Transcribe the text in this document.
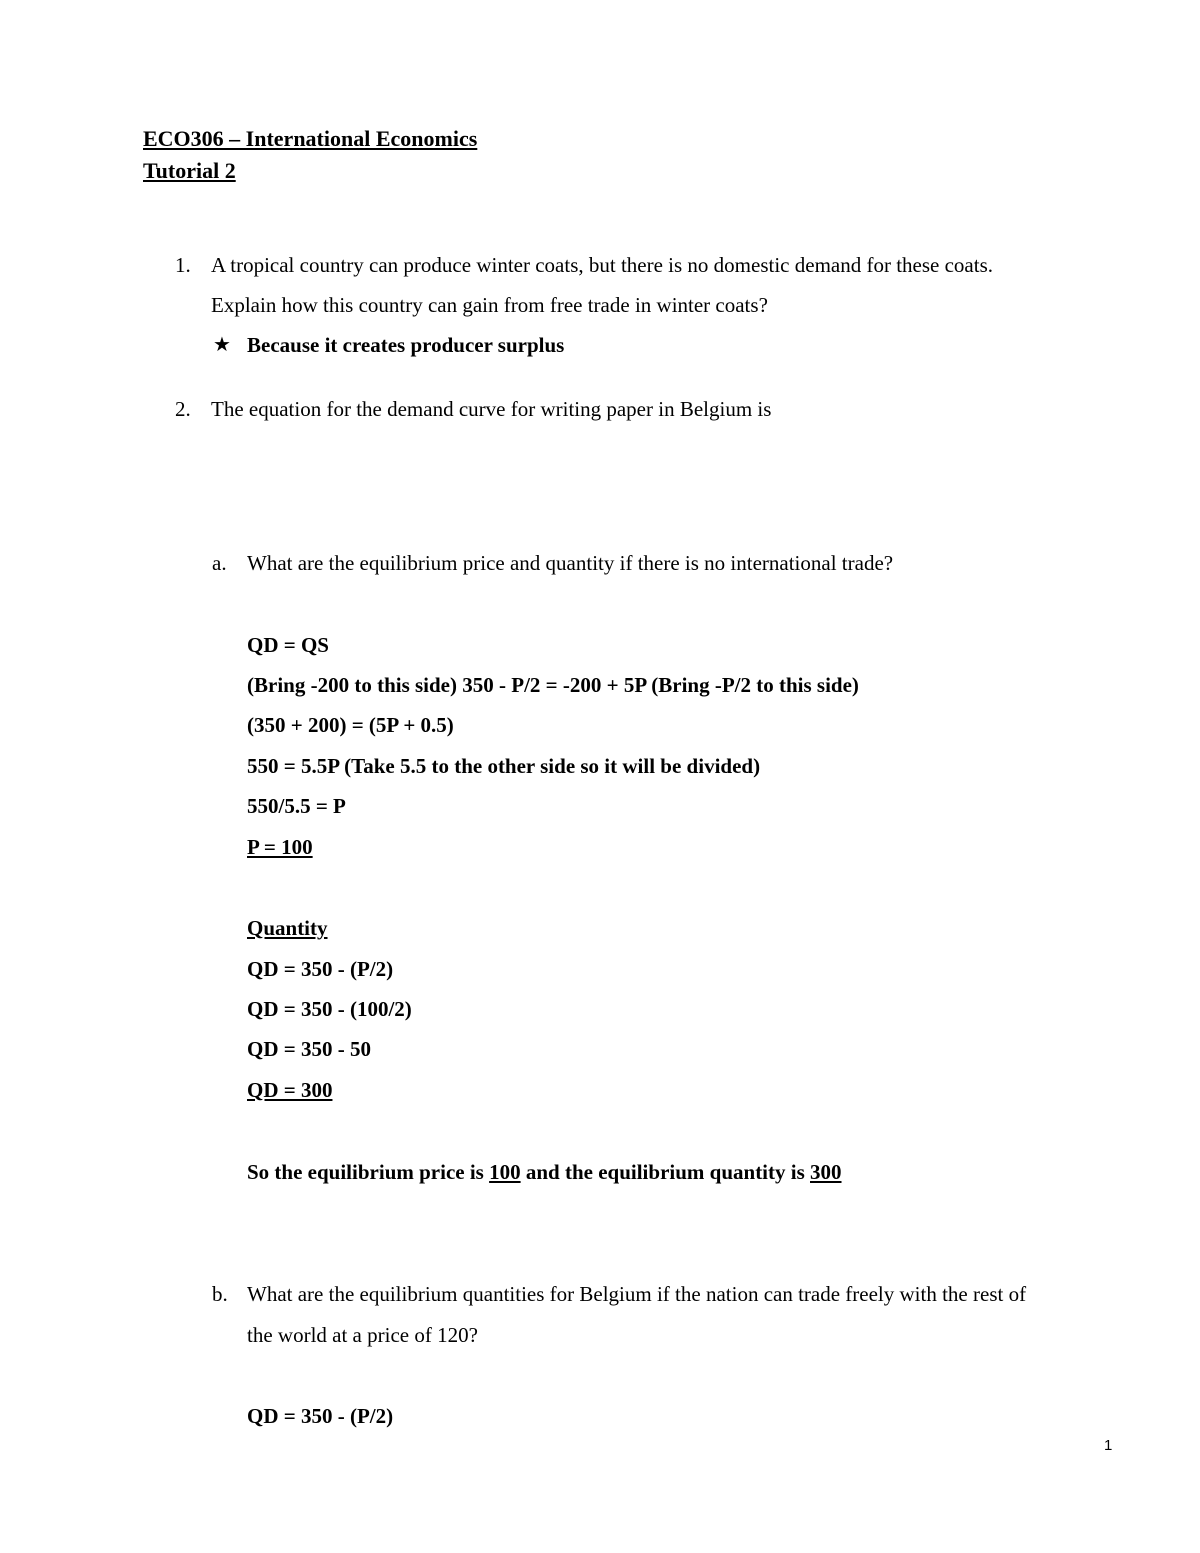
ECO306 – International Economics
Tutorial 2
1. A tropical country can produce winter coats, but there is no domestic demand for these coats.
Explain how this country can gain from free trade in winter coats?
★ Because it creates producer surplus
2. The equation for the demand curve for writing paper in Belgium is
a. What are the equilibrium price and quantity if there is no international trade?
QD = QS
(Bring -200 to this side) 350 - P/2 = -200 + 5P (Bring -P/2 to this side)
(350 + 200) = (5P + 0.5)
550 = 5.5P (Take 5.5 to the other side so it will be divided)
550/5.5 = P
P = 100
Quantity
QD = 350 - (P/2)
QD = 350 - (100/2)
QD = 350 - 50
QD = 300
So the equilibrium price is 100 and the equilibrium quantity is 300
b. What are the equilibrium quantities for Belgium if the nation can trade freely with the rest of
the world at a price of 120?
QD = 350 - (P/2)
1
